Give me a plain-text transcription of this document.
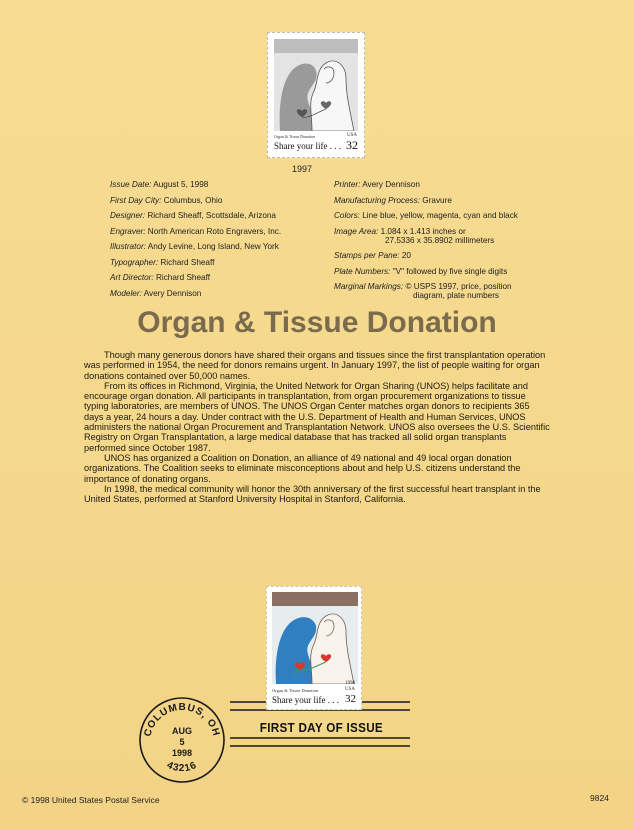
Organ & Tissue Donation	USA
Share your life . . . 32
1997
Issue Date: August 5, 1998
First Day City: Columbus, Ohio
Designer: Richard Sheaff, Scottsdale, Arizona
Engraver: North American Roto Engravers, Inc.
Illustrator: Andy Levine, Long Island, New York
Typographer: Richard Sheaff
Art Director: Richard Sheaff
Modeler: Avery Dennison
Printer: Avery Dennison
Manufacturing Process: Gravure
Colors: Line blue, yellow, magenta, cyan and black
Image Area: 1.084 x 1.413 inches or
27.5336 x 35.8902 millimeters
Stamps per Pane: 20
Plate Numbers: "V" followed by five single digits
Marginal Markings: © USPS 1997, price, position
diagram, plate numbers
Organ & Tissue Donation

Though many generous donors have shared their organs and tissues since the first transplantation operation was performed in 1954, the need for donors remains urgent. In January 1997, the list of people waiting for organ donations contained over 50,000 names.

From its offices in Richmond, Virginia, the United Network for Organ Sharing (UNOS) helps facilitate and encourage organ donation. All participants in transplantation, from organ procurement organizations to tissue typing laboratories, are members of UNOS. The UNOS Organ Center matches organ donors to recipients 365 days a year, 24 hours a day. Under contract with the U.S. Department of Health and Human Services, UNOS administers the national Organ Procurement and Transplantation Network. UNOS also oversees the U.S. Scientific Registry on Organ Transplantation, a large medical database that has tracked all solid organ transplants performed since October 1987.

UNOS has organized a Coalition on Donation, an alliance of 49 national and 49 local organ donation organizations. The Coalition seeks to eliminate misconceptions about and help U.S. citizens understand the importance of donating organs.

In 1998, the medical community will honor the 30th anniversary of the first successful heart transplant in the United States, performed at Stanford University Hospital in Stanford, California.

Organ & Tissue Donation	USA
1998
Share your life . . . 32
COLUMBUS, OH
AUG
5
1998
43216
FIRST DAY OF ISSUE
© 1998 United States Postal Service	9824
